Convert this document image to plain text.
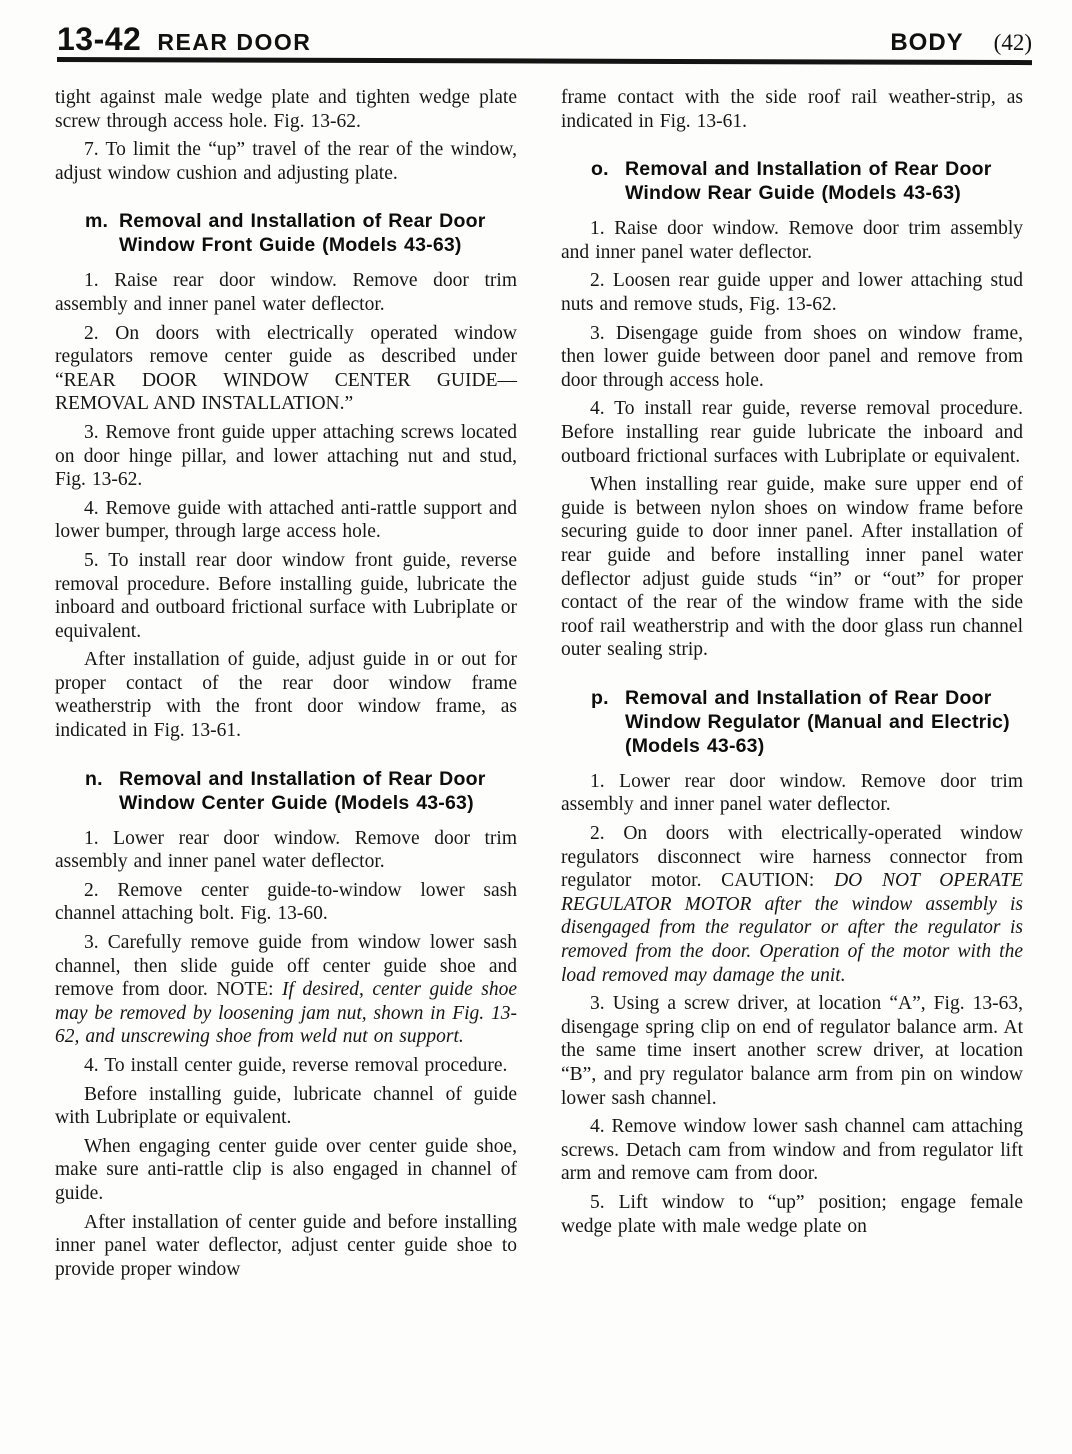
13-42 REAR DOOR	BODY (42)

tight against male wedge plate and tighten wedge plate screw through access hole. Fig. 13-62.

7. To limit the “up” travel of the rear of the window, adjust window cushion and adjusting plate.

m. Removal and Installation of Rear Door
Window Front Guide (Models 43-63)

1. Raise rear door window. Remove door trim assembly and inner panel water deflector.

2. On doors with electrically operated window regulators remove center guide as described under “REAR DOOR WINDOW CENTER GUIDE—REMOVAL AND INSTALLATION.”

3. Remove front guide upper attaching screws located on door hinge pillar, and lower attaching nut and stud, Fig. 13-62.

4. Remove guide with attached anti-rattle support and lower bumper, through large access hole.

5. To install rear door window front guide, reverse removal procedure. Before installing guide, lubricate the inboard and outboard frictional surface with Lubriplate or equivalent.

After installation of guide, adjust guide in or out for proper contact of the rear door window frame weatherstrip with the front door window frame, as indicated in Fig. 13-61.

n. Removal and Installation of Rear Door
Window Center Guide (Models 43-63)

1. Lower rear door window. Remove door trim assembly and inner panel water deflector.

2. Remove center guide-to-window lower sash channel attaching bolt. Fig. 13-60.

3. Carefully remove guide from window lower sash channel, then slide guide off center guide shoe and remove from door. NOTE: If desired, center guide shoe may be removed by loosening jam nut, shown in Fig. 13-62, and unscrewing shoe from weld nut on support.

4. To install center guide, reverse removal procedure.

Before installing guide, lubricate channel of guide with Lubriplate or equivalent.

When engaging center guide over center guide shoe, make sure anti-rattle clip is also engaged in channel of guide.

After installation of center guide and before installing inner panel water deflector, adjust center guide shoe to provide proper window

frame contact with the side roof rail weather-strip, as indicated in Fig. 13-61.

o. Removal and Installation of Rear Door
Window Rear Guide (Models 43-63)

1. Raise door window. Remove door trim assembly and inner panel water deflector.

2. Loosen rear guide upper and lower attaching stud nuts and remove studs, Fig. 13-62.

3. Disengage guide from shoes on window frame, then lower guide between door panel and remove from door through access hole.

4. To install rear guide, reverse removal procedure. Before installing rear guide lubricate the inboard and outboard frictional surfaces with Lubriplate or equivalent.

When installing rear guide, make sure upper end of guide is between nylon shoes on window frame before securing guide to door inner panel. After installation of rear guide and before installing inner panel water deflector adjust guide studs “in” or “out” for proper contact of the rear of the window frame with the side roof rail weatherstrip and with the door glass run channel outer sealing strip.

p. Removal and Installation of Rear Door
Window Regulator (Manual and Electric)
(Models 43-63)

1. Lower rear door window. Remove door trim assembly and inner panel water deflector.

2. On doors with electrically-operated window regulators disconnect wire harness connector from regulator motor. CAUTION: DO NOT OPERATE REGULATOR MOTOR after the window assembly is disengaged from the regulator or after the regulator is removed from the door. Operation of the motor with the load removed may damage the unit.

3. Using a screw driver, at location “A”, Fig. 13-63, disengage spring clip on end of regulator balance arm. At the same time insert another screw driver, at location “B”, and pry regulator balance arm from pin on window lower sash channel.

4. Remove window lower sash channel cam attaching screws. Detach cam from window and from regulator lift arm and remove cam from door.

5. Lift window to “up” position; engage female wedge plate with male wedge plate on
